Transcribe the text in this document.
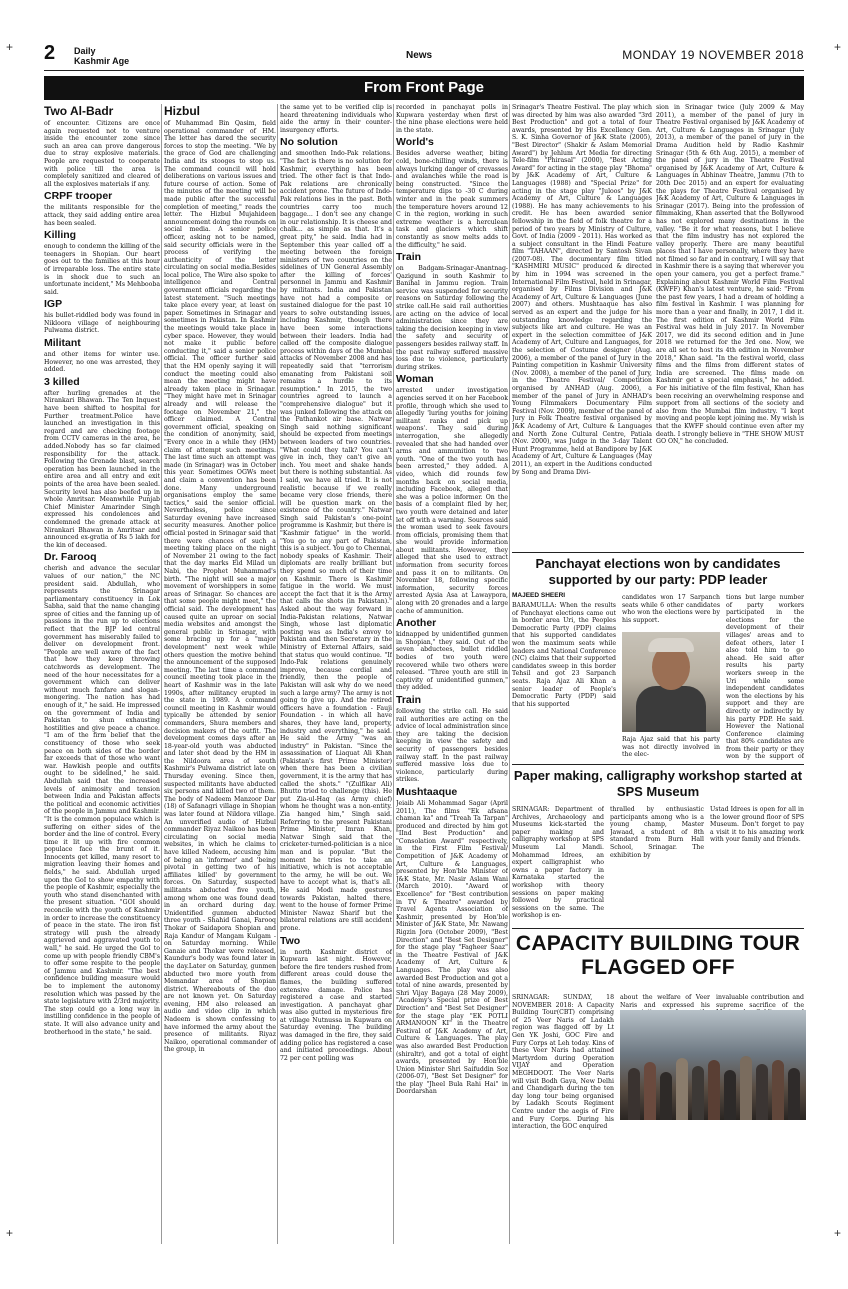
+	+
+	+
2 Daily
Kashmir Age	News	MONDAY 19 NOVEMBER 2018
From Front Page
Two Al-Badr

of encounter. Citizens are once again requested not to venture inside the encounter zone since such an area can prove dangerous due to stray explosive materials. People are requested to cooperate with police till the area is completely sanitized and cleared of all the explosives materials if any.

CRPF trooper

the militants responsible for the attack, they said adding entire area has been sealed.

Killing

enough to condemn the killing of the teenagers in Shopian. Our heart goes out to the families at this hour of irreparable loss. The entire state is in shock due to such an unfortunate incident," Ms Mehbooba said.

IGP

his bullet-riddled body was found in Nikloora village of neighbouring Pulwama district.

Militant

and other items for winter use. However, no one was arrested, they added.

3 killed

after hurling grenades at the Nirankari Bhawan. The Ten Inquest have been shifted to hospital for Further treatment.Police have launched an investigation in this regard and are checking footage from CCTV cameras in the area, he added.Nobody has so far claimed responsibility for the attack. Following the Grenade blast, search operation has been launched in the entire area and all entry and exit points of the area have been sealed. Security level has also beefed up in whole Amritsar. Meanwhile Punjab Chief Minister Amarinder Singh expressed his condolences and condemned the grenade attack at Nirankari Bhawan in Amritsar and announced ex-gratia of Rs 5 lakh for the kin of deceased.

Dr. Farooq

cherish and advance the secular values of our nation," the NC president said. Abdullah, who represents the Srinagar parliamentary constituency in Lok Sabha, said that the name changing spree of cities and the fanning up of passions in the run up to elections reflect that the BJP led central government has miserably failed to deliver on development front. "People are well aware of the fact that how they keep throwing catchwords as development. The need of the hour necessitates for a government which can deliver without much fanfare and slogan-mongering. The nation has had enough of it," he said. He impressed on the government of India and Pakistan to shun exhausting hostilities and give peace a chance. "I am of the firm belief that the constituency of those who seek peace on both sides of the border far exceeds that of those who want war. Hawkish people and outfits ought to be sidelined," he said. Abdullah said that the increased levels of animosity and tension between India and Pakistan affects the political and economic activities of the people in Jammu and Kashmir. "It is the common populace which is suffering on either sides of the border and the line of control. Every time it lit up with fire common populace face the brunt of it. Innocents get killed, many resort to migration leaving their homes and fields," he said. Abdullah urged upon the GoI to show empathy with the people of Kashmir, especially the youth who stand disenchanted with the present situation. "GOI should reconcile with the youth of Kashmir in order to increase the constituency of peace in the state. The iron fist strategy will push the already aggrieved and aggravated youth to wall," he said. He urged the GoI to come up with people friendly CBM's to offer some respite to the people of Jammu and Kashmir. "The best confidence building measure would be to implement the autonomy resolution which was passed by the state legislature with 2/3rd majority. The step could go a long way in instilling confidence in the people of state. It will also advance unity and brotherhood in the state," he said.

Hizbul

of Muhammad Bin Qasim, field operational commander of HM. The letter has dared the security forces to stop the meeting. "We by the grace of God are challenging India and its stooges to stop us. The command council will hold deliberations on various issues and future course of action. Some of the minutes of the meeting will be made public after the successful completion of meeting," reads the letter. The Hizbul Mujahideen announcement doing the rounds on social media. A senior police officer, asking not to be named, said security officials were in the process of verifying the authenticity of the letter circulating on social media.Besides local police, The Wire also spoke to intelligence and Central government officials regarding the latest statement. "Such meetings take place every year, at least on paper. Sometimes in Srinagar and sometimes in Pakistan. In Kashmir the meetings would take place in cyber space. However, they would not make it public before conducting it," said a senior police official. The officer further said that the HM openly saying it will conduct the meeting could also mean the meeting might have already taken place in Srinagar. "They might have met in Srinagar already and will release the footage on November 21," the officer claimed. A Central government official, speaking on the condition of anonymity, said, "Every once in a while they (HM) claim of attempt such meetings. The last time such an attempt was made (in Srinagar) was in October this year. Sometimes OGWs meet and claim a convention has been done. Many underground organisations employ the same tactics," said the senior official. Nevertheless, police since Saturday evening have increased security measures. Another police official posted in Srinagar said that there were chances of such a meeting taking place on the night of November 21 owing to the fact that the day marks Eid Milad un Nabi, the Prophet Muhammad's birth. "The night will see a major movement of worshippers in some areas of Srinagar. So chances are that some people might meet," the official said. The development has caused quite an uproar on social media websites and amongst the general public in Srinagar, with some bracing up for a "major development" next week while others question the motive behind the announcement of the supposed meeting. The last time a command council meeting took place in the heart of Kashmir was in the late 1990s, after militancy erupted in the state in 1989. A command council meeting in Kashmir would typically be attended by senior commanders, Shura members and decision makers of the outfit. The development comes days after an 18-year-old youth was abducted and later shot dead by the HM in the Nildoora area of south Kashmir's Pulwama district late on Thursday evening. Since then, suspected militants have abducted six persons and killed two of them. The body of Nadeem Manzoor Dar (18) of Safanagri village in Shopian was later found at Nildora village. An unverified audio of Hizbul commander Riyaz Naikoo has been circulating on social media websites, in which he claims to have killed Nadeem, accusing him of being an 'informer' and 'being pivotal in getting two of his affiliates killed' by government forces. On Saturday, suspected militants abducted five youth, among whom one was found dead in an orchard during day. Unidentified gunmen abducted three youth - Shahid Ganai, Farooq Thokar of Saidapora Shopian and Raja Kandur of Mangam Kulgam - on Saturday morning. While Ganaie and Thokar were released, Kaundur's body was found later in the day.Later on Saturday, gunmen abducted two more youth from Memandar area of Shopian district. Whereabouts of the duo are not known yet. On Saturday evening, HM also released an audio and video clip in which Nadeem is shown confessing to have informed the army about the presence of militants. Riyaz Naikoo, operational commander of the group, in

the same yet to be verified clip is heard threatening individuals who aide the army in their counter-insurgency efforts.

No solution

and smoothen Indo-Pak relations. "The fact is there is no solution for Kashmir, everything has been tried. The other fact is that Indo-Pak relations are chronically accident prone. The future of Indo-Pak relations lies in the past. Both countries carry too much baggage... I don't see any change in our relationship. It is cheese and chalk... as simple as that. It's a great pity," he said. India had in September this year called off a meeting between the foreign ministers of two countries on the sidelines of UN General Assembly after the killing of forces' personnel in Jammu and Kashmir by militants. India and Pakistan have not had a composite or sustained dialogue for the past 10 years to solve outstanding issues, including Kashmir, though there have been some interactions between their leaders. India had called off the composite dialogue process within days of the Mumbai attacks of November 2008 and has repeatedly said that "terrorism emanating from Pakistani soil remains a hurdle to its resumption." In 2015, the two countries agreed to launch a "comprehensive dialogue" but it was junked following the attack on the Pathankot air base. Natwar Singh said nothing significant should be expected from meetings between leaders of two countries. "What could they talk? You can't give in inch, they can't give an inch. You meet and shake hands but there is nothing substantial. As I said, we have all tried. It is not realistic because if we really became very close friends, there will be question mark on the existence of the country." Natwar Singh said Pakistan's one-point programme is Kashmir, but there is "Kashmir fatigue" in the world. "You go to any part of Pakistan, this is a subject. You go to Chennai, nobody speaks of Kashmir. Their diplomats are really brilliant but they spend so much of their time on Kashmir. There is Kashmir fatigue in the world. We must accept the fact that it is the Army that calls the shots (in Pakistan)." Asked about the way forward in India-Pakistan relations, Natwar Singh, whose last diplomatic posting was as India's envoy to Pakistan and then Secretary in the Ministry of External Affairs, said that status quo would continue. "If Indo-Pak relations genuinely improve, because cordial and friendly, then the people of Pakistan will ask why do we need such a large army? The army is not going to give up. And the retired officers have a foundation - Fauji Foundation - in which all have shares, they have land, property, industry and everything," he said. He said the Army "was an industry" in Pakistan. "Since the assassination of Liaquat Ali Khan (Pakistan's first Prime Minister) when there has been a civilian government, it is the army that has called the shots." "(Zulfikar Ali) Bhutto tried to challenge (this). He put Zia-ul-Haq (as Army chief) whom he thought was a non-entity. Zia hanged him," Singh said. Referring to the present Pakistani Prime Minister, Imran Khan, Natwar Singh said that the cricketer-turned-politician is a nice man and is popular. "But the moment he tries to take an initiative, which is not acceptable to the army, he will be out. We have to accept what is, that's all. He said Modi made gestures towards Pakistan, halted there, went to the house of former Prime Minister Nawaz Sharif but the bilateral relations are still accident prone.

Two

in north Kashmir district of Kupwara last night. However, before the fire tenders rushed from different areas could douse the flames, the building suffered extensive damage. Police has registered a case and started investigation. A panchayat ghar was also gutted in mysterious fire at village Nutnussa in Kupwara on Saturday evening. The building was damaged in the fire, they said adding police has registered a case and initiated proceedings. About 72 per cent polling was

recorded in panchayat polls in Kupwara yesterday when first of the nine phase elections were held in the state.

World's

Besides adverse weather, biting cold, bone-chilling winds, there is always lurking danger of crevasses and avalanches while the road is being constructed. "Since the temperature dips to -30 C during winter and in the peak summers the temperature hovers around 12 C in the region, working in such extreme weather is a herculean task and glaciers which shift constantly as snow melts adds to the difficulty," he said.

Train

on Badgam-Srinagar-Anantnag-Qazigund in south Kashmir to Banihal in Jammu region. Train service was suspended for security reasons on Saturday following the strike call.He said rail authorities are acting on the advice of local administration since they are taking the decision keeping in view the safety and security of passengers besides railway staff. In the past railway suffered massive loss due to violence, particularly during strikes.

Woman

arrested under investigation agencies served it on her Facebook profile, through which she used to allegedly 'luring youths for joining militant ranks and pick up weapons'. They said during interrogation, she allegedly revealed that she had handed over arms and ammunition to two youth. "One of the two youth has been arrested," they added. A video, which did rounds few months back on social media, including Facebook, alleged that she was a police informer. On the basis of a complaint filed by her, two youth were detained and later let off with a warning. Sources said the woman used to seek favours from officials, promising them that she would provide information about militants. However, they alleged that she used to extract information from security forces and pass it on to militants. On November 18, following specific information, security forces arrested Aysia Asa at Lawaypora, along with 20 grenades and a large cache of ammunition.

Another

kidnapped by unidentified gunmen in Shopian," they said. Out of the seven abductees, bullet riddled bodies of two youth were recovered while two others were released. "Three youth are still in captivity of unidentified gunmen," they added.

Train

following the strike call. He said rail authorities are acting on the advice of local administration since they are taking the decision keeping in view the safety and security of passengers besides railway staff. In the past railway suffered massive loss due to violence, particularly during strikes.

Mushtaaque

Jeiaib Ali Mohammad Sagar (April 2011), The films "Ek afsana chaman ka" and "Treah Ta Tarpan" produced and directed by him got "IInd Best Production" and "Consolation Award" respectively, in the First Film Festival/ Competition of J&K Academy of Art, Culture & Languages, presented by Hon'ble Minister of J&K State, Mr. Nasir Aslam Wani (March 2010). "Award of Excellence" for "Best contribution in TV & Theatre" awarded by Travel Agents Association of Kashmir, presented by Hon'ble Minister of J&K State, Mr. Nawang Rigzin Jora (October 2009), "Best Direction" and "Best Set Designer" for the stage play "Fagheer Saaz" in the Theatre Festival of J&K Academy of Art, Culture & Languages. The play was also awarded Best Production and got a total of nine awards, presented by Shri Vijay Bagaya (28 May 2009), "Academy's Special prize of Best Direction" and "Best Set Designer" for the stage play "EK POTLI ARMANOON KI" in the Theatre Festival of J&K Academy of Art, Culture & Languages. The play was also awarded Best Production (shiraltr), and got a total of eight awards, presented by Hon'ble Union Minister Shri Saifuddin Soz (2006-07), "Best Set Designer" for the play "Jheel Bula Rahi Hai" in Doordarshan

Srinagar's Theatre Festival. The play which was directed by him was also awarded "3rd Best Production" and got a total of four awards, presented by His Excellency Gen. S. K. Sinha Governor of J&K State (2005), "Best Director" (Shakir & Aslam Memorial Award") by Jehlum Art Media for directing Tele-film "Phirasal" (2000), "Best Acting Award" for acting in the stage play "Bhoma" by J&K Academy of Art, Culture & Languages (1988) and "Special Prize" for acting in the stage play "Juloos" by J&K Academy of Art, Culture & Languages (1988). He has many achievements to his credit. He has been awarded senior fellowship in the field of folk theatre for a period of two years by Ministry of Culture, Govt. of India (2009 - 2011). Has worked as a subject consultant in the Hindi Feature film "TAHAAN", directed by Santosh Sivan (2007-08). The documentary film titled "KASHMIRI MUSIC" produced & directed by him in 1994 was screened in the International Film Festival, held in Srinagar, organised by Films Division and J&K Academy of Art, Culture & Languages (June 2007) and others. Mushtaaque has also served as an expert and the judge for his outstanding knowledge regarding the subjects like art and culture. He was an expert in the selection committee of J&K Academy of Art, Culture and Languages, for the selection of Costume designer (Aug. 2006), a member of the panel of Jury in the Painting competition in Kashmir University (Nov. 2008), a member of the panel of Jury, in the Theatre Festival/ Competition organised by ANHAD (Aug. 2006), a member of the panel of Jury in ANHAD's Young Filmmakers Documentary Film Festival (Nov. 2009), member of the panel of Jury in Folk Theatre festival organised by J&K Academy of Art, Culture & Languages and North Zone Cultural Centre, Patiala (Nov. 2000), was Judge in the 3-day Talent Hunt Programme, held at Bandipore by J&K Academy of Art, Culture & Languages (May 2011), an expert in the Auditions conducted by Song and Drama Divi-

sion in Srinagar twice (July 2009 & May 2011), a member of the panel of jury in Theatre Festival organised by J&K Academy of Art, Culture & Languages in Srinagar (July 2013), a member of the panel of jury in the Drama Audition held by Radio Kashmir Srinagar (5th & 6th Aug. 2015), a member of the panel of jury in the Theatre Festival organised by J&K Academy of Art, Culture & Languages in Abhinav Theatre, Jammu (7th to 20th Dec 2015) and an expert for evaluating the plays for Theatre Festival organised by J&K Academy of Art, Culture & Languages in Srinagar (2017). Being into the profession of filmmaking, Khan asserted that the Bollywood has not explored many destinations in the valley. "Be it for what reasons, but I believe that the film industry has not explored the valley properly. There are many beautiful places that I have personally, where they have not filmed so far and in contrary, I will say that in Kashmir there is a saying that wherever you open your camera, you get a perfect frame." Explaining about Kashmir World Film Festival (KWFF) Khan's latest venture, he said: "From the past few years, I had a dream of holding a film festival in Kashmir. I was planning for more than a year and finally, in 2017, I did it. The first edition of Kashmir World Film Festival was held in July 2017. In November 2017, we did its second edition and in June 2018 we returned for the 3rd one. Now, we are all set to host its 4th edition in November 2018," Khan said. "In the festival world, class films and the films from different states of India are screened. The films made on Kashmir get a special emphasis," he added. For his initiative of the film festival, Khan has been receiving an overwhelming response and support from all sections of the society and also from the Mumbai film industry. "I kept moving and people kept joining me. My wish is that the KWFF should continue even after my death. I strongly believe in "THE SHOW MUST GO ON," he concluded.

Panchayat elections won by candidates supported by our party: PDP leader
MAJEED SHEERI
BARAMULLA: When the results of Panchayat elections came out in border area Uri, the Peoples Democratic Party (PDP) claims that his supported candidates won the maximum seats while leaders and National Conference (NC) claims that their supported candidates sweep in this border Tehsil and got 23 Sarpanch seats. Raja Ajaz Ali Khan a senior leader of People's Democratic Party (PDP) said that his supported
candidates won 17 Sarpanch seats while 6 other candidates who won the elections were by his support.
Raja Ajaz said that his party was not directly involved in the elec-
tions but large number of party workers participated in the elections for the development of their villages' areas and to defeat others, later I also told him to go ahead. He said after results his party workers sweep in the Uri while some independent candidates won the elections by his support and they are directly or indirectly by his party PDP. He said. However the National Conference claiming that 80% candidates are from their party or they won by the support of
Paper making, calligraphy workshop started at SPS Museum
SRINAGAR: Department of Archives, Archaeology and Museums kick-started the paper making and calligraphy workshop at SPS Museum Lal Mandi. Mohammad Idrees, an expert calligraphist who owns a paper factory in Karnataka started the workshop with theory sessions on paper making followed by practical sessions on the same. The workshop is en-
thralled by enthusiastic participants among who is a young champ, Master Jawaad, a student of 8th standard from Burn Hall School, Srinagar. The exhibition by
Ustad Idrees is open for all in the lower ground floor of SPS Museum. Don't forget to pay a visit it to his amazing work with your family and friends.
CAPACITY BUILDING TOUR FLAGGED OFF
SRINAGAR: SUNDAY, 18 NOVEMBER 2018: A Capacity Building Tour(CBT) comprising of 25 Veer Naris of Ladakh region was flagged off by Lt Gen YK Joshi, GOC Fire and Fury Corps at Leh today. Kins of these Veer Naris had attained Martyrdom during Operation VIJAY and Operation MEGHDOOT. The Veer Naris will visit Bodh Gaya, New Delhi and Chandigarh during the ten day long tour being organised by Ladakh Scouts Regiment Centre under the aegis of Fire and Fury Corps. During his interaction, the GOC enquired
about the welfare of Veer Naris and expressed his
invaluable contribution and supreme sacrifice of the
